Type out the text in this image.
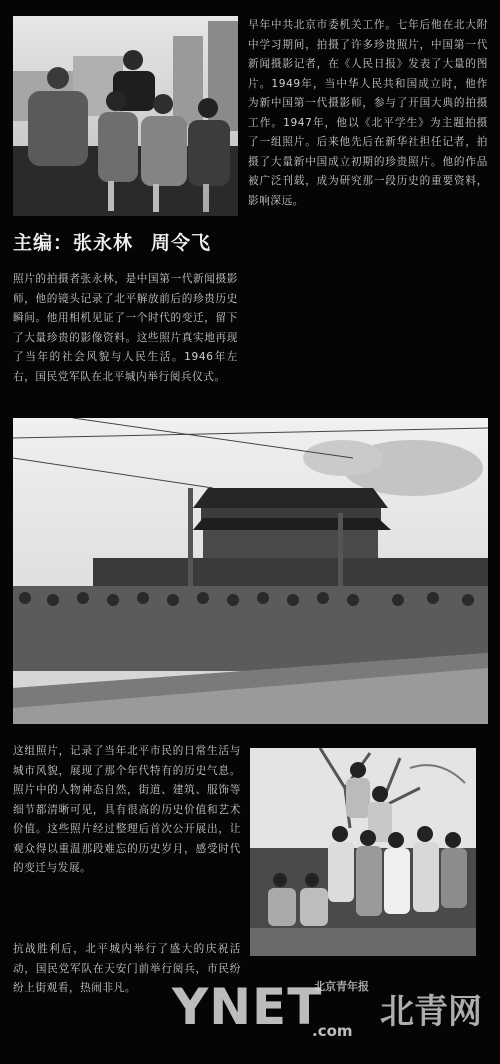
早年中共北京市委机关工作。七年后他在北大附中学习期间，拍摄了许多珍贵照片，中国第一代新闻摄影记者，在《人民日报》发表了大量的图片。1949年，当中华人民共和国成立时，他作为新中国第一代摄影师，参与了开国大典的拍摄工作。1947年，他以《北平学生》为主题拍摄了一组照片。后来他先后在新华社担任记者，拍摄了大量新中国成立初期的珍贵照片。他的作品被广泛刊载，成为研究那一段历史的重要资料，影响深远。
主编：张永林 周令飞
照片的拍摄者张永林，是中国第一代新闻摄影师，他的镜头记录了北平解放前后的珍贵历史瞬间。他用相机见证了一个时代的变迁，留下了大量珍贵的影像资料。这些照片真实地再现了当年的社会风貌与人民生活。1946年左右，国民党军队在北平城内举行阅兵仪式。
这组照片，记录了当年北平市民的日常生活与城市风貌，展现了那个年代特有的历史气息。照片中的人物神态自然，街道、建筑、服饰等细节都清晰可见，具有很高的历史价值和艺术价值。这些照片经过整理后首次公开展出，让观众得以重温那段难忘的历史岁月，感受时代的变迁与发展。
抗战胜利后，北平城内举行了盛大的庆祝活动，国民党军队在天安门前举行阅兵，市民纷纷上街观看，热闹非凡。 YNET
.com
北京青年报
北青网
